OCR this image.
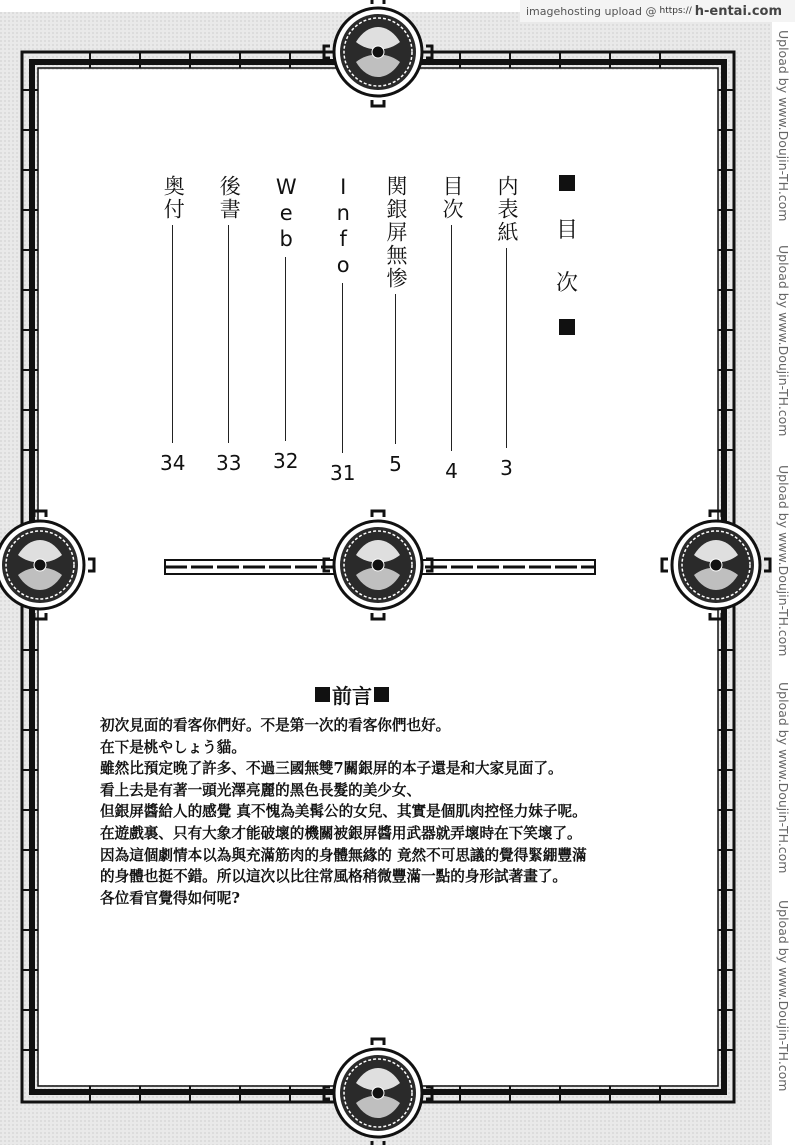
imagehosting upload @ https:// h-entai.com
Upload by www.Doujin-TH.com
Upload by www.Doujin-TH.com
Upload by www.Doujin-TH.com
Upload by www.Doujin-TH.com
Upload by www.Doujin-TH.com
目
次
内表紙
3
目次
4
関銀屏無惨
5
Info
31
Web
32
後書
33
奥付
34
前言

初次見面的看客你們好。不是第一次的看客你們也好。

在下是桃やしょう貓。

雖然比預定晚了許多、不過三國無雙7關銀屏的本子還是和大家見面了。

看上去是有著一頭光澤亮麗的黑色長髮的美少女、

但銀屏醬給人的感覺 真不愧為美髯公的女兒、其實是個肌肉控怪力妹子呢。

在遊戲裏、只有大象才能破壞的機關被銀屏醬用武器就弄壞時在下笑壞了。

因為這個劇情本以為與充滿筋肉的身體無緣的 竟然不可思議的覺得緊綳豐滿

的身體也挺不錯。所以這次以比往常風格稍微豐滿一點的身形試著畫了。

各位看官覺得如何呢?
